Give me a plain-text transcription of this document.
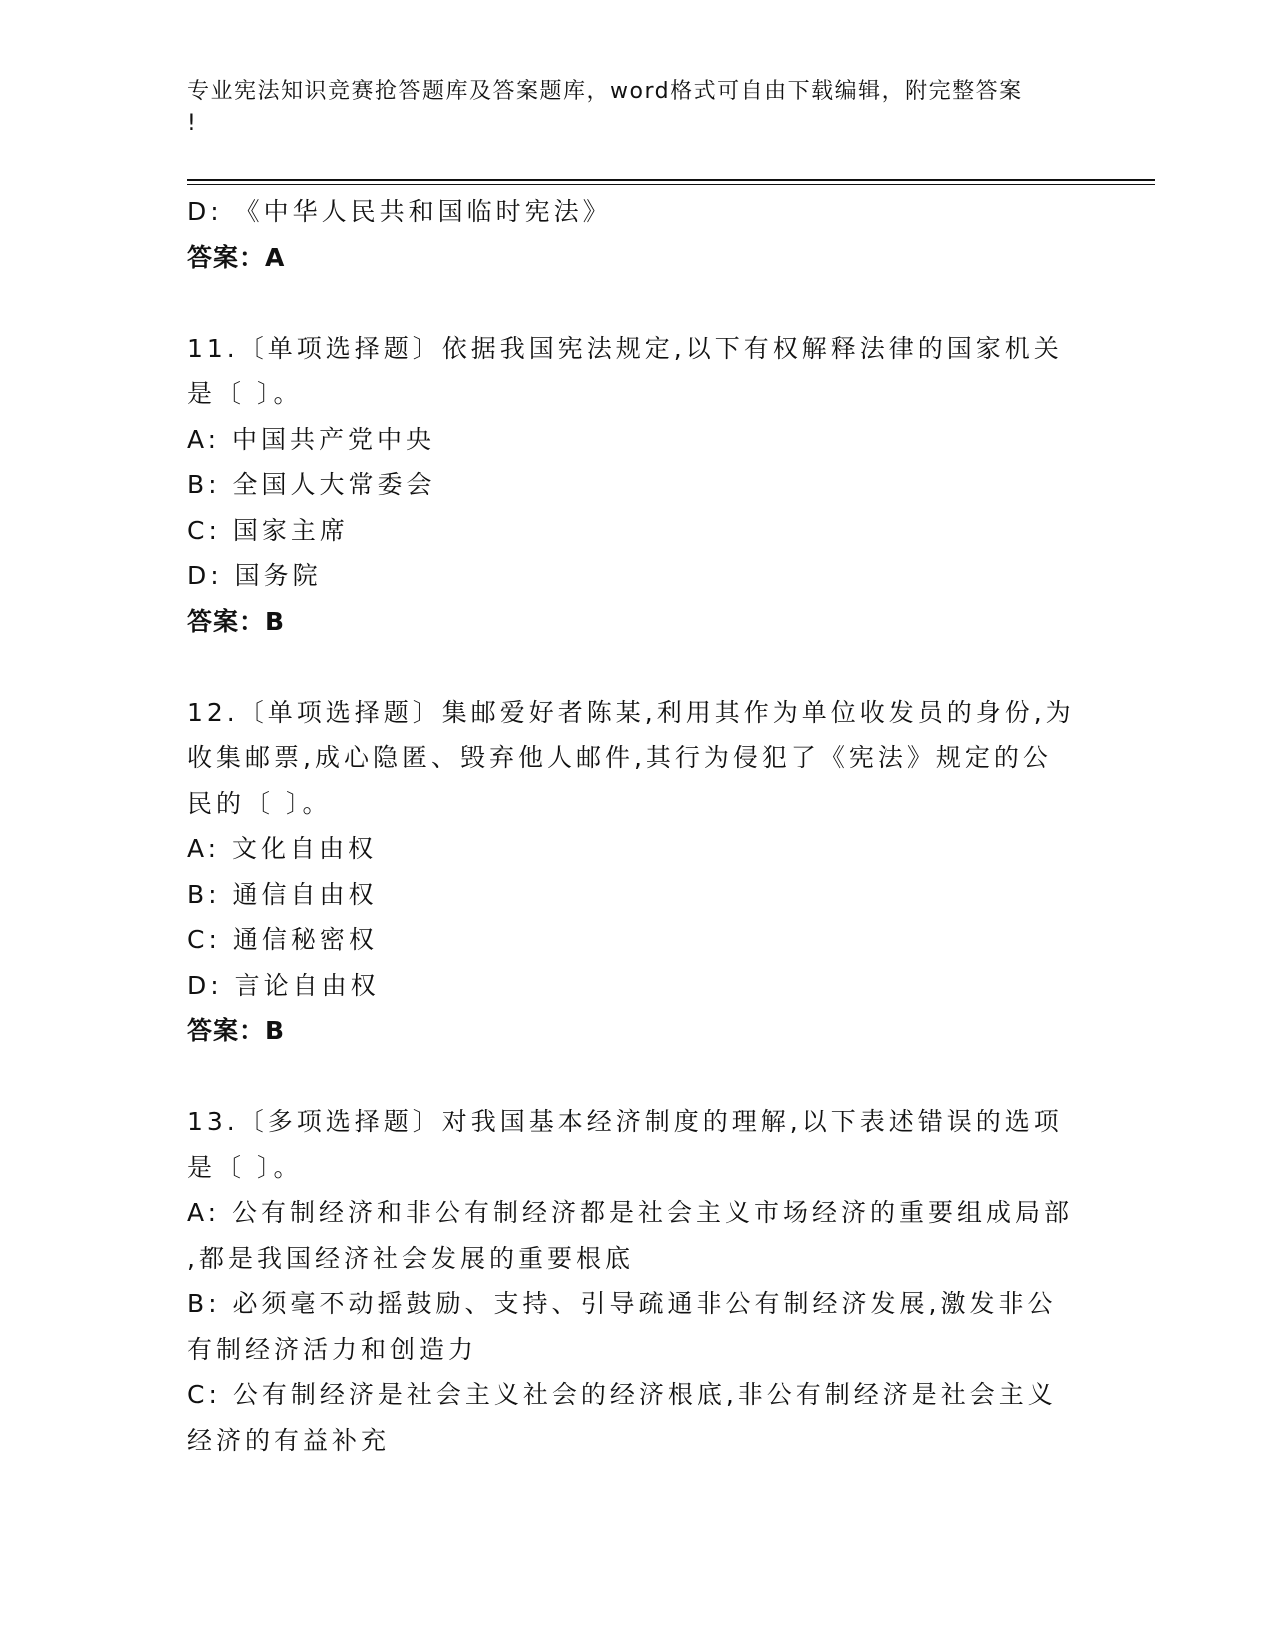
专业宪法知识竞赛抢答题库及答案题库，word格式可自由下载编辑，附完整答案
!
D: 《中华人民共和国临时宪法》
答案：A
11.〔单项选择题〕依据我国宪法规定,以下有权解释法律的国家机关
是〔 〕。
A: 中国共产党中央
B: 全国人大常委会
C: 国家主席
D: 国务院
答案：B
12.〔单项选择题〕集邮爱好者陈某,利用其作为单位收发员的身份,为
收集邮票,成心隐匿、毁弃他人邮件,其行为侵犯了《宪法》规定的公
民的〔 〕。
A: 文化自由权
B: 通信自由权
C: 通信秘密权
D: 言论自由权
答案：B
13.〔多项选择题〕对我国基本经济制度的理解,以下表述错误的选项
是〔 〕。
A: 公有制经济和非公有制经济都是社会主义市场经济的重要组成局部
,都是我国经济社会发展的重要根底
B: 必须毫不动摇鼓励、支持、引导疏通非公有制经济发展,激发非公
有制经济活力和创造力
C: 公有制经济是社会主义社会的经济根底,非公有制经济是社会主义
经济的有益补充
